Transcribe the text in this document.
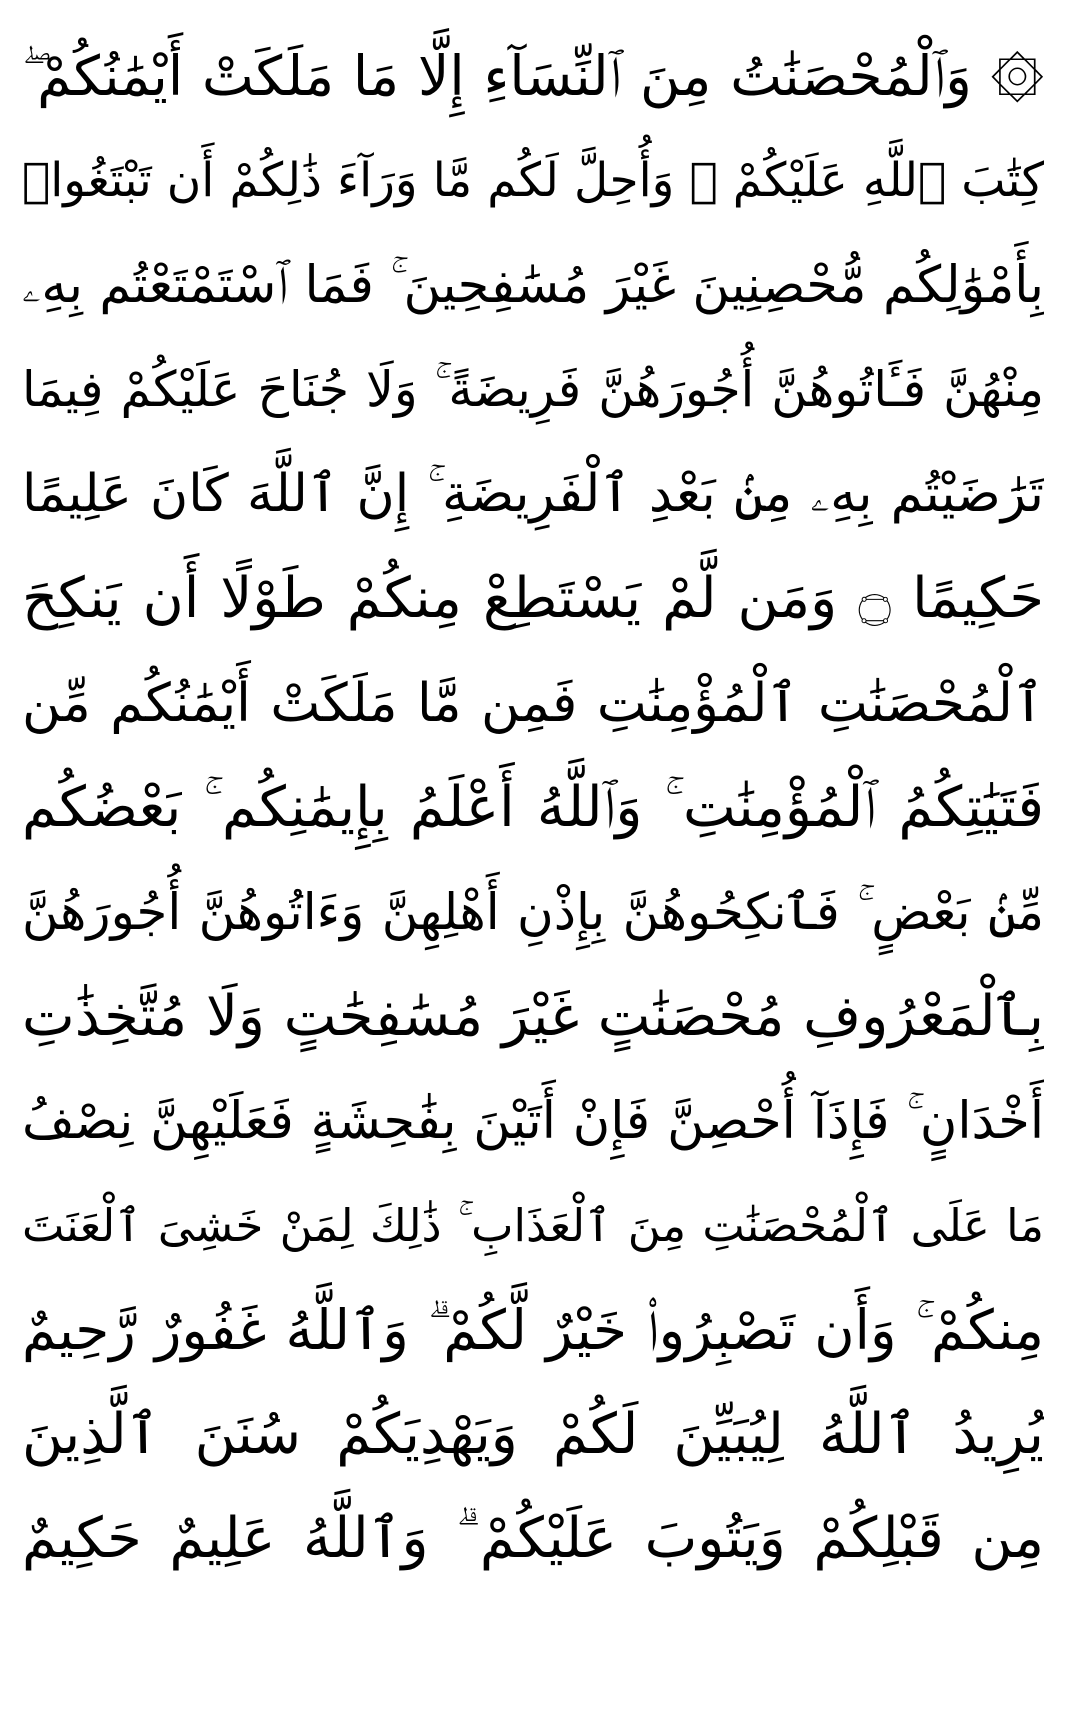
۞ وَٱلْمُحْصَنَٰتُ مِنَ ٱلنِّسَآءِ إِلَّا مَا مَلَكَتْ أَيْمَٰنُكُمْ ۖ
كِتَٰبَ ٱللَّهِ عَلَيْكُمْ ۚ وَأُحِلَّ لَكُم مَّا وَرَآءَ ذَٰلِكُمْ أَن تَبْتَغُوا۟
بِأَمْوَٰلِكُم مُّحْصِنِينَ غَيْرَ مُسَٰفِحِينَ ۚ فَمَا ٱسْتَمْتَعْتُم بِهِۦ
مِنْهُنَّ فَـَٔاتُوهُنَّ أُجُورَهُنَّ فَرِيضَةً ۚ وَلَا جُنَاحَ عَلَيْكُمْ فِيمَا
تَرَٰضَيْتُم بِهِۦ مِنۢ بَعْدِ ٱلْفَرِيضَةِ ۚ إِنَّ ٱللَّهَ كَانَ عَلِيمًا
حَكِيمًا ۝ وَمَن لَّمْ يَسْتَطِعْ مِنكُمْ طَوْلًا أَن يَنكِحَ
ٱلْمُحْصَنَٰتِ ٱلْمُؤْمِنَٰتِ فَمِن مَّا مَلَكَتْ أَيْمَٰنُكُم مِّن
فَتَيَٰتِكُمُ ٱلْمُؤْمِنَٰتِ ۚ وَٱللَّهُ أَعْلَمُ بِإِيمَٰنِكُم ۚ بَعْضُكُم
مِّنۢ بَعْضٍ ۚ فَٱنكِحُوهُنَّ بِإِذْنِ أَهْلِهِنَّ وَءَاتُوهُنَّ أُجُورَهُنَّ
بِٱلْمَعْرُوفِ مُحْصَنَٰتٍ غَيْرَ مُسَٰفِحَٰتٍ وَلَا مُتَّخِذَٰتِ
أَخْدَانٍ ۚ فَإِذَآ أُحْصِنَّ فَإِنْ أَتَيْنَ بِفَٰحِشَةٍ فَعَلَيْهِنَّ نِصْفُ
مَا عَلَى ٱلْمُحْصَنَٰتِ مِنَ ٱلْعَذَابِ ۚ ذَٰلِكَ لِمَنْ خَشِىَ ٱلْعَنَتَ
مِنكُمْ ۚ وَأَن تَصْبِرُوا۟ خَيْرٌ لَّكُمْ ۗ وَٱللَّهُ غَفُورٌ رَّحِيمٌ
يُرِيدُ ٱللَّهُ لِيُبَيِّنَ لَكُمْ وَيَهْدِيَكُمْ سُنَنَ ٱلَّذِينَ
مِن قَبْلِكُمْ وَيَتُوبَ عَلَيْكُمْ ۗ وَٱللَّهُ عَلِيمٌ حَكِيمٌ
